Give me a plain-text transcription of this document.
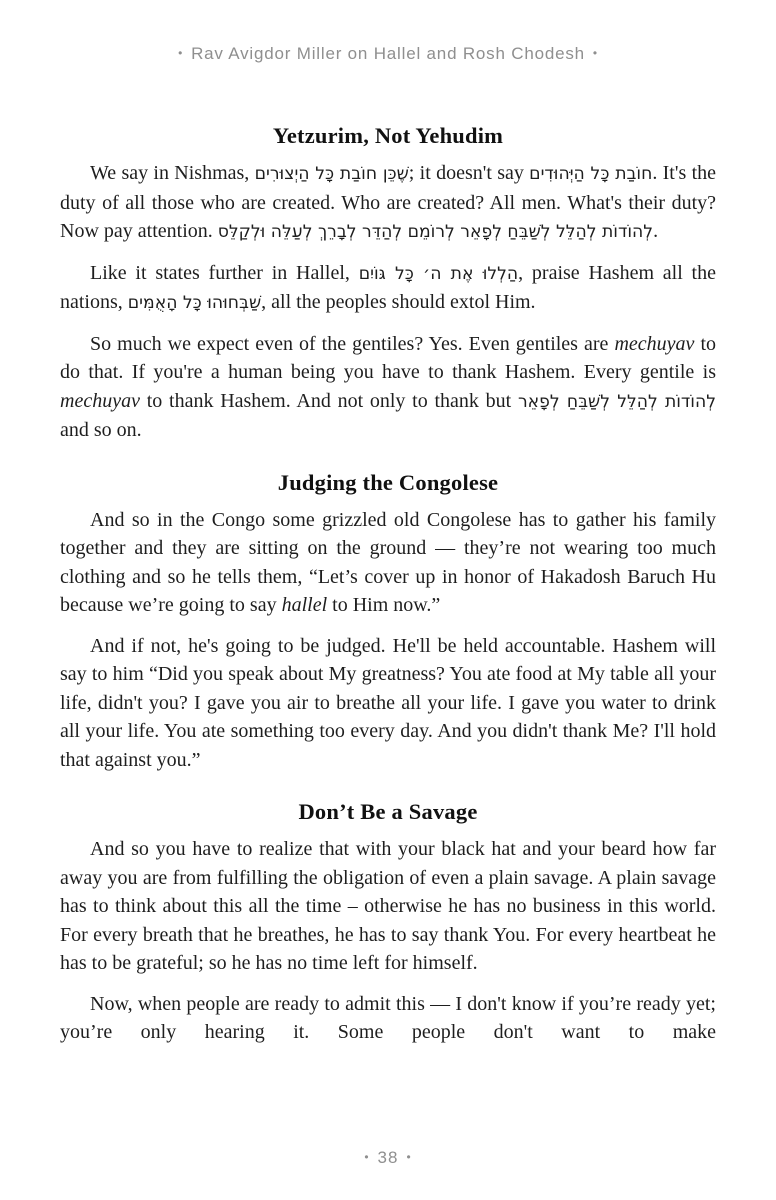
• Rav Avigdor Miller on Hallel and Rosh Chodesh •
Yetzurim, Not Yehudim

We say in Nishmas, שֶׁכֵּן חוֹבַת כָּל הַיְצוּרִים; it doesn't say חוֹבַת כָּל הַיְּהוּדִים. It's the duty of all those who are created. Who are created? All men. What's their duty? Now pay attention. לְהוֹדוֹת לְהַלֵּל לְשַׁבֵּחַ לְפָאֵר לְרוֹמֵם לְהַדֵּר לְבָרֵךְ לְעַלֵּה וּלְקַלֵּס.

Like it states further in Hallel, הַלְלוּ אֶת ה׳ כָּל גּוֹיִם, praise Hashem all the nations, שַׁבְּחוּהוּ כָּל הָאֻמִּים, all the peoples should extol Him.

So much we expect even of the gentiles? Yes. Even gentiles are mechuyav to do that. If you're a human being you have to thank Hashem. Every gentile is mechuyav to thank Hashem. And not only to thank but לְהוֹדוֹת לְהַלֵּל לְשַׁבֵּחַ לְפָאֵר and so on.

Judging the Congolese

And so in the Congo some grizzled old Congolese has to gather his family together and they are sitting on the ground — they’re not wearing too much clothing and so he tells them, “Let’s cover up in honor of Hakadosh Baruch Hu because we’re going to say hallel to Him now.”

And if not, he's going to be judged. He'll be held accountable. Hashem will say to him “Did you speak about My greatness? You ate food at My table all your life, didn't you? I gave you air to breathe all your life. I gave you water to drink all your life. You ate something too every day. And you didn't thank Me? I'll hold that against you.”

Don’t Be a Savage

And so you have to realize that with your black hat and your beard how far away you are from fulfilling the obligation of even a plain savage. A plain savage has to think about this all the time – otherwise he has no business in this world. For every breath that he breathes, he has to say thank You. For every heartbeat he has to be grateful; so he has no time left for himself.

Now, when people are ready to admit this — I don't know if you’re ready yet; you’re only hearing it. Some people don't want to make

• 38 •
